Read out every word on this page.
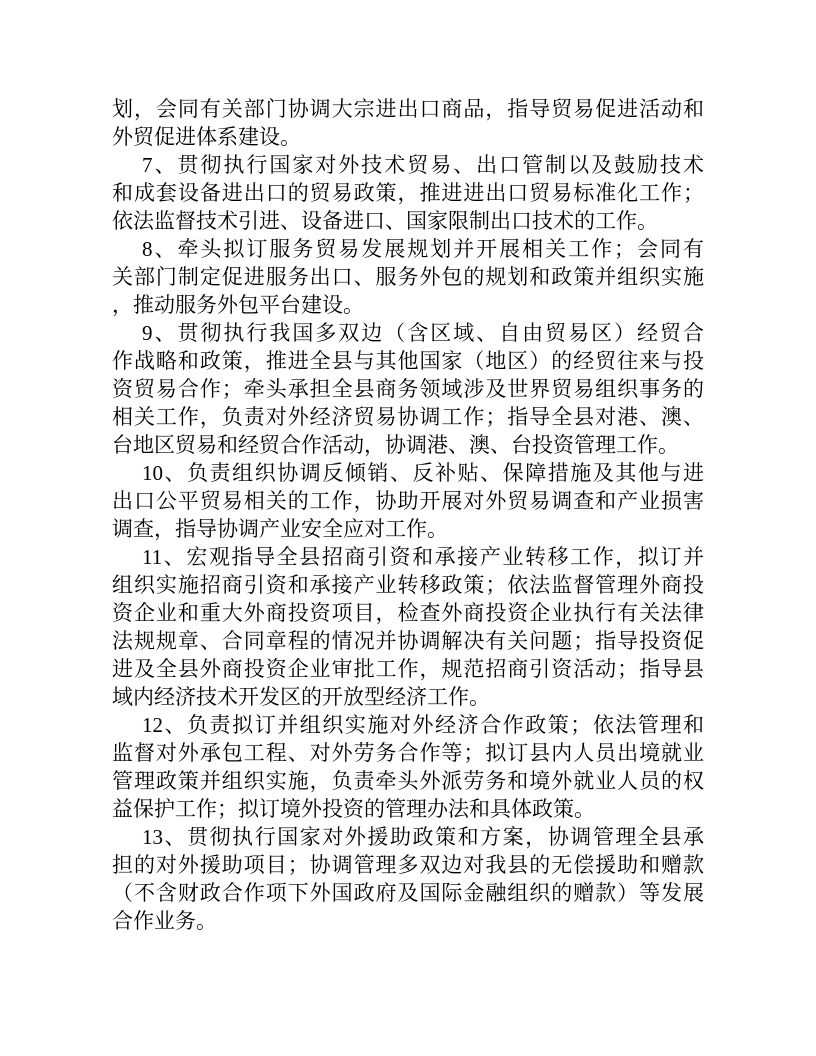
划，会同有关部门协调大宗进出口商品，指导贸易促进活动和
外贸促进体系建设。
7、贯彻执行国家对外技术贸易、出口管制以及鼓励技术
和成套设备进出口的贸易政策，推进进出口贸易标准化工作；
依法监督技术引进、设备进口、国家限制出口技术的工作。
8、牵头拟订服务贸易发展规划并开展相关工作；会同有
关部门制定促进服务出口、服务外包的规划和政策并组织实施
，推动服务外包平台建设。
9、贯彻执行我国多双边（含区域、自由贸易区）经贸合
作战略和政策，推进全县与其他国家（地区）的经贸往来与投
资贸易合作；牵头承担全县商务领域涉及世界贸易组织事务的
相关工作，负责对外经济贸易协调工作；指导全县对港、澳、
台地区贸易和经贸合作活动，协调港、澳、台投资管理工作。
10、负责组织协调反倾销、反补贴、保障措施及其他与进
出口公平贸易相关的工作，协助开展对外贸易调查和产业损害
调查，指导协调产业安全应对工作。
11、宏观指导全县招商引资和承接产业转移工作，拟订并
组织实施招商引资和承接产业转移政策；依法监督管理外商投
资企业和重大外商投资项目，检查外商投资企业执行有关法律
法规规章、合同章程的情况并协调解决有关问题；指导投资促
进及全县外商投资企业审批工作，规范招商引资活动；指导县
域内经济技术开发区的开放型经济工作。
12、负责拟订并组织实施对外经济合作政策；依法管理和
监督对外承包工程、对外劳务合作等；拟订县内人员出境就业
管理政策并组织实施，负责牵头外派劳务和境外就业人员的权
益保护工作；拟订境外投资的管理办法和具体政策。
13、贯彻执行国家对外援助政策和方案，协调管理全县承
担的对外援助项目；协调管理多双边对我县的无偿援助和赠款
（不含财政合作项下外国政府及国际金融组织的赠款）等发展
合作业务。
